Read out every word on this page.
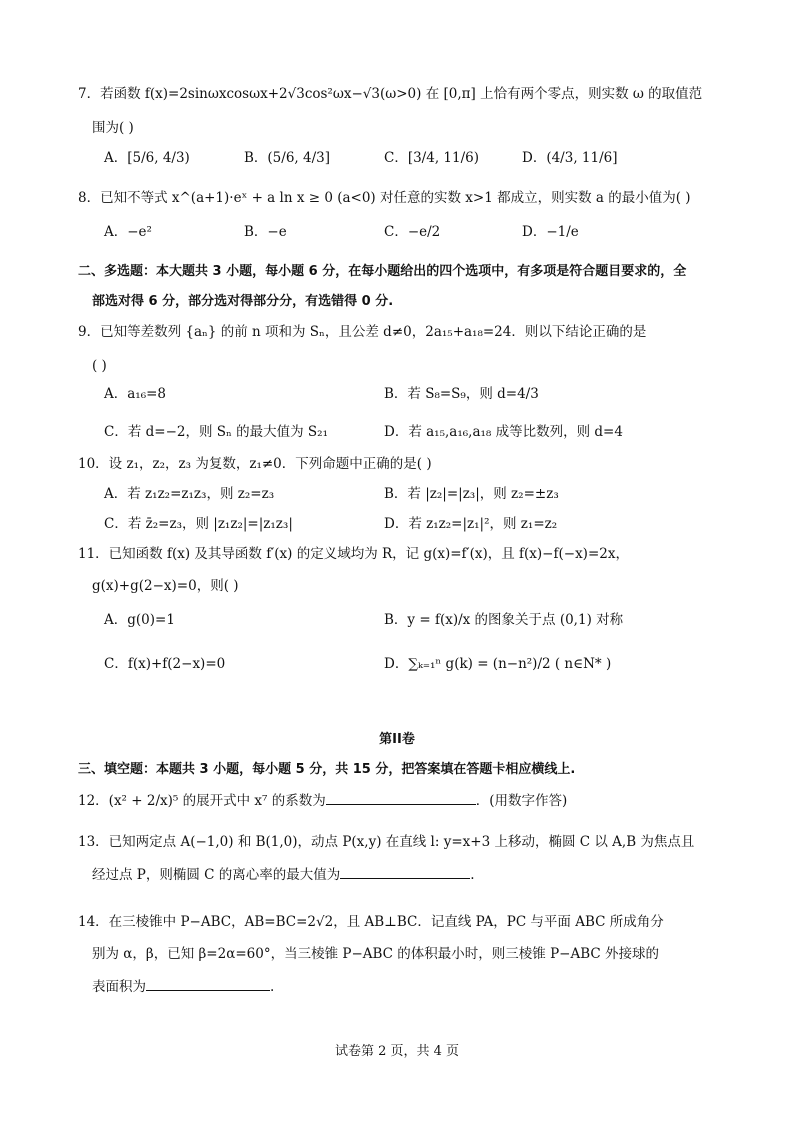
7．若函数 f(x)=2sinωxcosωx+2√3cos²ωx−√3(ω>0) 在 [0,π] 上恰有两个零点，则实数 ω 的取值范
围为( )
A．[5/6, 4/3)	B．(5/6, 4/3]	C．[3/4, 11/6)	D．(4/3, 11/6]
8．已知不等式 x^(a+1)·eˣ + a ln x ≥ 0 (a<0) 对任意的实数 x>1 都成立，则实数 a 的最小值为( )
A．−e²	B．−e	C．−e/2	D．−1/e
二、多选题：本大题共 3 小题，每小题 6 分，在每小题给出的四个选项中，有多项是符合题目要求的，全
部选对得 6 分，部分选对得部分分，有选错得 0 分.
9．已知等差数列 {aₙ} 的前 n 项和为 Sₙ，且公差 d≠0，2a₁₅+a₁₈=24．则以下结论正确的是
( )
A．a₁₆=8	B．若 S₈=S₉，则 d=4/3
C．若 d=−2，则 Sₙ 的最大值为 S₂₁	D．若 a₁₅,a₁₆,a₁₈ 成等比数列，则 d=4
10．设 z₁，z₂，z₃ 为复数，z₁≠0．下列命题中正确的是( )
A．若 z₁z₂=z₁z₃，则 z₂=z₃	B．若 |z₂|=|z₃|，则 z₂=±z₃
C．若 z̄₂=z₃，则 |z₁z₂|=|z₁z₃|	D．若 z₁z₂=|z₁|²，则 z₁=z₂
11．已知函数 f(x) 及其导函数 f′(x) 的定义域均为 R，记 g(x)=f′(x)，且 f(x)−f(−x)=2x，
g(x)+g(2−x)=0，则( )
A．g(0)=1	B．y = f(x)/x 的图象关于点 (0,1) 对称
C．f(x)+f(2−x)=0	D．∑ₖ₌₁ⁿ g(k) = (n−n²)/2 ( n∈N* )
第II卷
三、填空题：本题共 3 小题，每小题 5 分，共 15 分，把答案填在答题卡相应横线上.
12．(x² + 2/x)⁵ 的展开式中 x⁷ 的系数为	．(用数字作答)
13．已知两定点 A(−1,0) 和 B(1,0)，动点 P(x,y) 在直线 l: y=x+3 上移动，椭圆 C 以 A,B 为焦点且
经过点 P，则椭圆 C 的离心率的最大值为	.
14．在三棱锥中 P−ABC，AB=BC=2√2，且 AB⊥BC．记直线 PA，PC 与平面 ABC 所成角分
别为 α，β，已知 β=2α=60°，当三棱锥 P−ABC 的体积最小时，则三棱锥 P−ABC 外接球的
表面积为	.
试卷第 2 页，共 4 页
